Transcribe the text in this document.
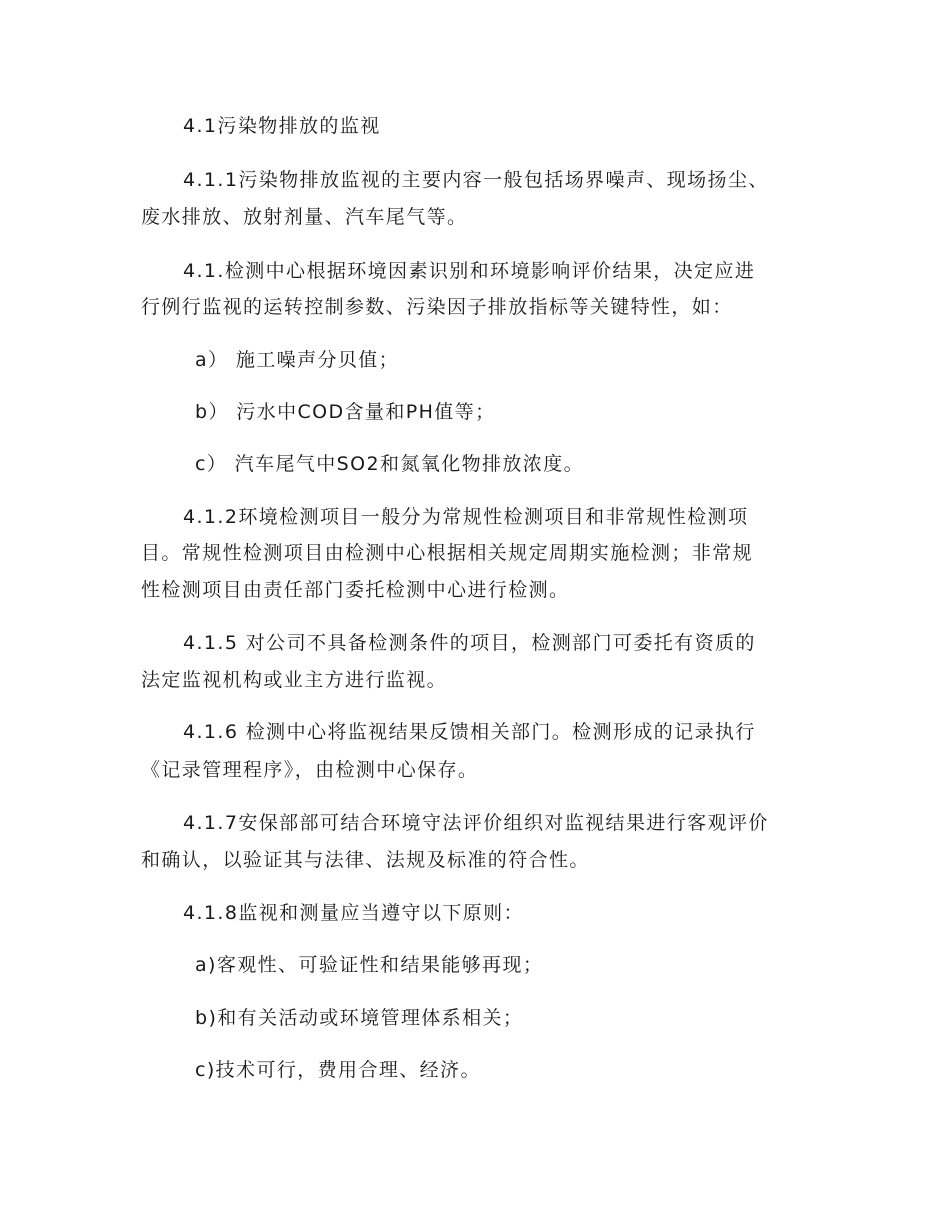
4.1污染物排放的监视
4.1.1污染物排放监视的主要内容一般包括场界噪声、现场扬尘、
废水排放、放射剂量、汽车尾气等。
4.1.检测中心根据环境因素识别和环境影响评价结果，决定应进
行例行监视的运转控制参数、污染因子排放指标等关键特性，如：
a） 施工噪声分贝值；
b） 污水中COD含量和PH值等；
c） 汽车尾气中SO2和氮氧化物排放浓度。
4.1.2环境检测项目一般分为常规性检测项目和非常规性检测项
目。常规性检测项目由检测中心根据相关规定周期实施检测；非常规
性检测项目由责任部门委托检测中心进行检测。
4.1.5 对公司不具备检测条件的项目，检测部门可委托有资质的
法定监视机构或业主方进行监视。
4.1.6 检测中心将监视结果反馈相关部门。检测形成的记录执行
《记录管理程序》，由检测中心保存。
4.1.7安保部部可结合环境守法评价组织对监视结果进行客观评价
和确认，以验证其与法律、法规及标准的符合性。
4.1.8监视和测量应当遵守以下原则：
a)客观性、可验证性和结果能够再现；
b)和有关活动或环境管理体系相关；
c)技术可行，费用合理、经济。
